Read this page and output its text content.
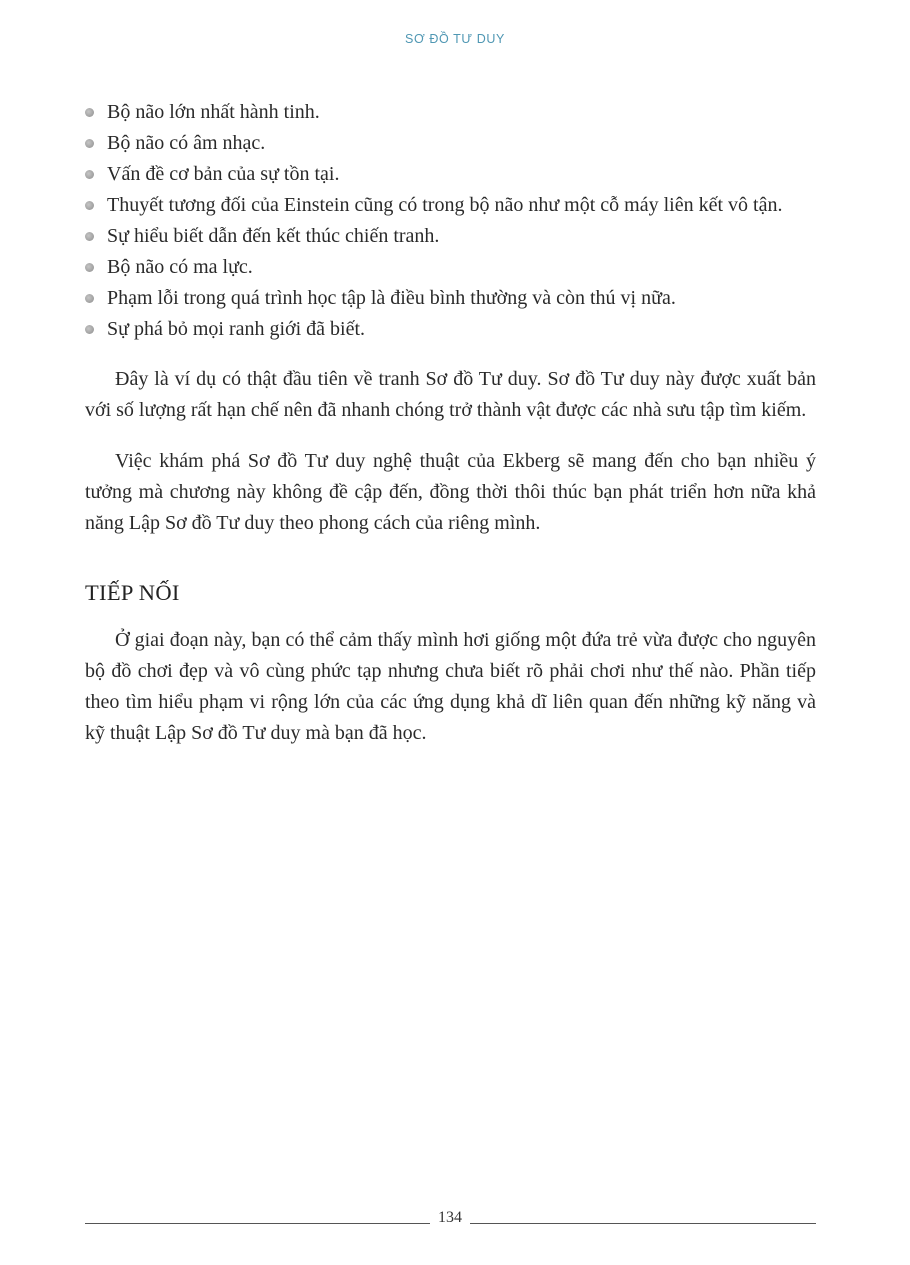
SƠ ĐỒ TƯ DUY
Bộ não lớn nhất hành tinh.
Bộ não có âm nhạc.
Vấn đề cơ bản của sự tồn tại.
Thuyết tương đối của Einstein cũng có trong bộ não như một cỗ máy liên kết vô tận.
Sự hiểu biết dẫn đến kết thúc chiến tranh.
Bộ não có ma lực.
Phạm lỗi trong quá trình học tập là điều bình thường và còn thú vị nữa.
Sự phá bỏ mọi ranh giới đã biết.

Đây là ví dụ có thật đầu tiên về tranh Sơ đồ Tư duy. Sơ đồ Tư duy này được xuất bản với số lượng rất hạn chế nên đã nhanh chóng trở thành vật được các nhà sưu tập tìm kiếm.

Việc khám phá Sơ đồ Tư duy nghệ thuật của Ekberg sẽ mang đến cho bạn nhiều ý tưởng mà chương này không đề cập đến, đồng thời thôi thúc bạn phát triển hơn nữa khả năng Lập Sơ đồ Tư duy theo phong cách của riêng mình.

TIẾP NỐI

Ở giai đoạn này, bạn có thể cảm thấy mình hơi giống một đứa trẻ vừa được cho nguyên bộ đồ chơi đẹp và vô cùng phức tạp nhưng chưa biết rõ phải chơi như thế nào. Phần tiếp theo tìm hiểu phạm vi rộng lớn của các ứng dụng khả dĩ liên quan đến những kỹ năng và kỹ thuật Lập Sơ đồ Tư duy mà bạn đã học.

134
